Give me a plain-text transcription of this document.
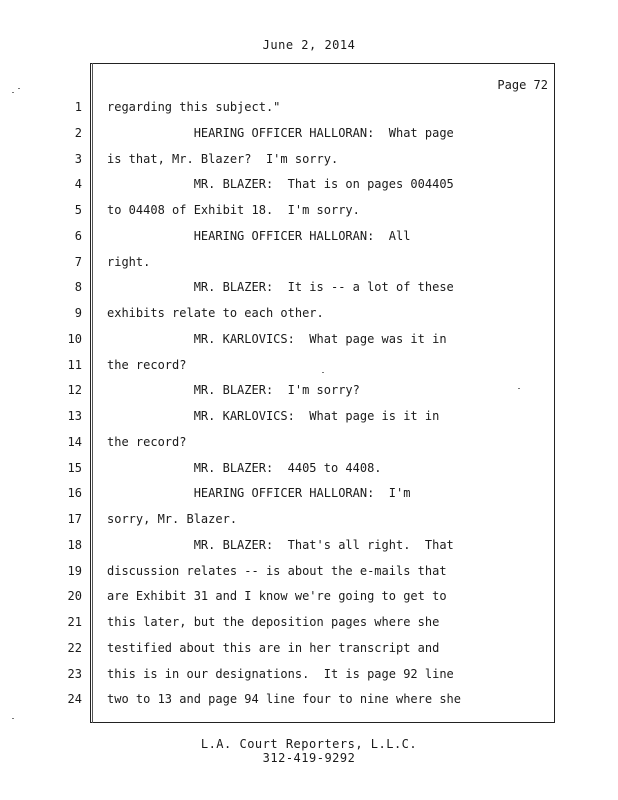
June 2, 2014
Page 72
1 regarding this subject."
2 HEARING OFFICER HALLORAN:  What page
3 is that, Mr. Blazer?  I'm sorry.
4 MR. BLAZER:  That is on pages 004405
5 to 04408 of Exhibit 18.  I'm sorry.
6 HEARING OFFICER HALLORAN:  All
7 right.
8 MR. BLAZER:  It is -- a lot of these
9 exhibits relate to each other.
10 MR. KARLOVICS:  What page was it in
11 the record?
12 MR. BLAZER:  I'm sorry?
13 MR. KARLOVICS:  What page is it in
14 the record?
15 MR. BLAZER:  4405 to 4408.
16 HEARING OFFICER HALLORAN:  I'm
17 sorry, Mr. Blazer.
18 MR. BLAZER:  That's all right.  That
19 discussion relates -- is about the e-mails that
20 are Exhibit 31 and I know we're going to get to
21 this later, but the deposition pages where she
22 testified about this are in her transcript and
23 this is in our designations.  It is page 92 line
24 two to 13 and page 94 line four to nine where she
L.A. Court Reporters, L.L.C.
312-419-9292
